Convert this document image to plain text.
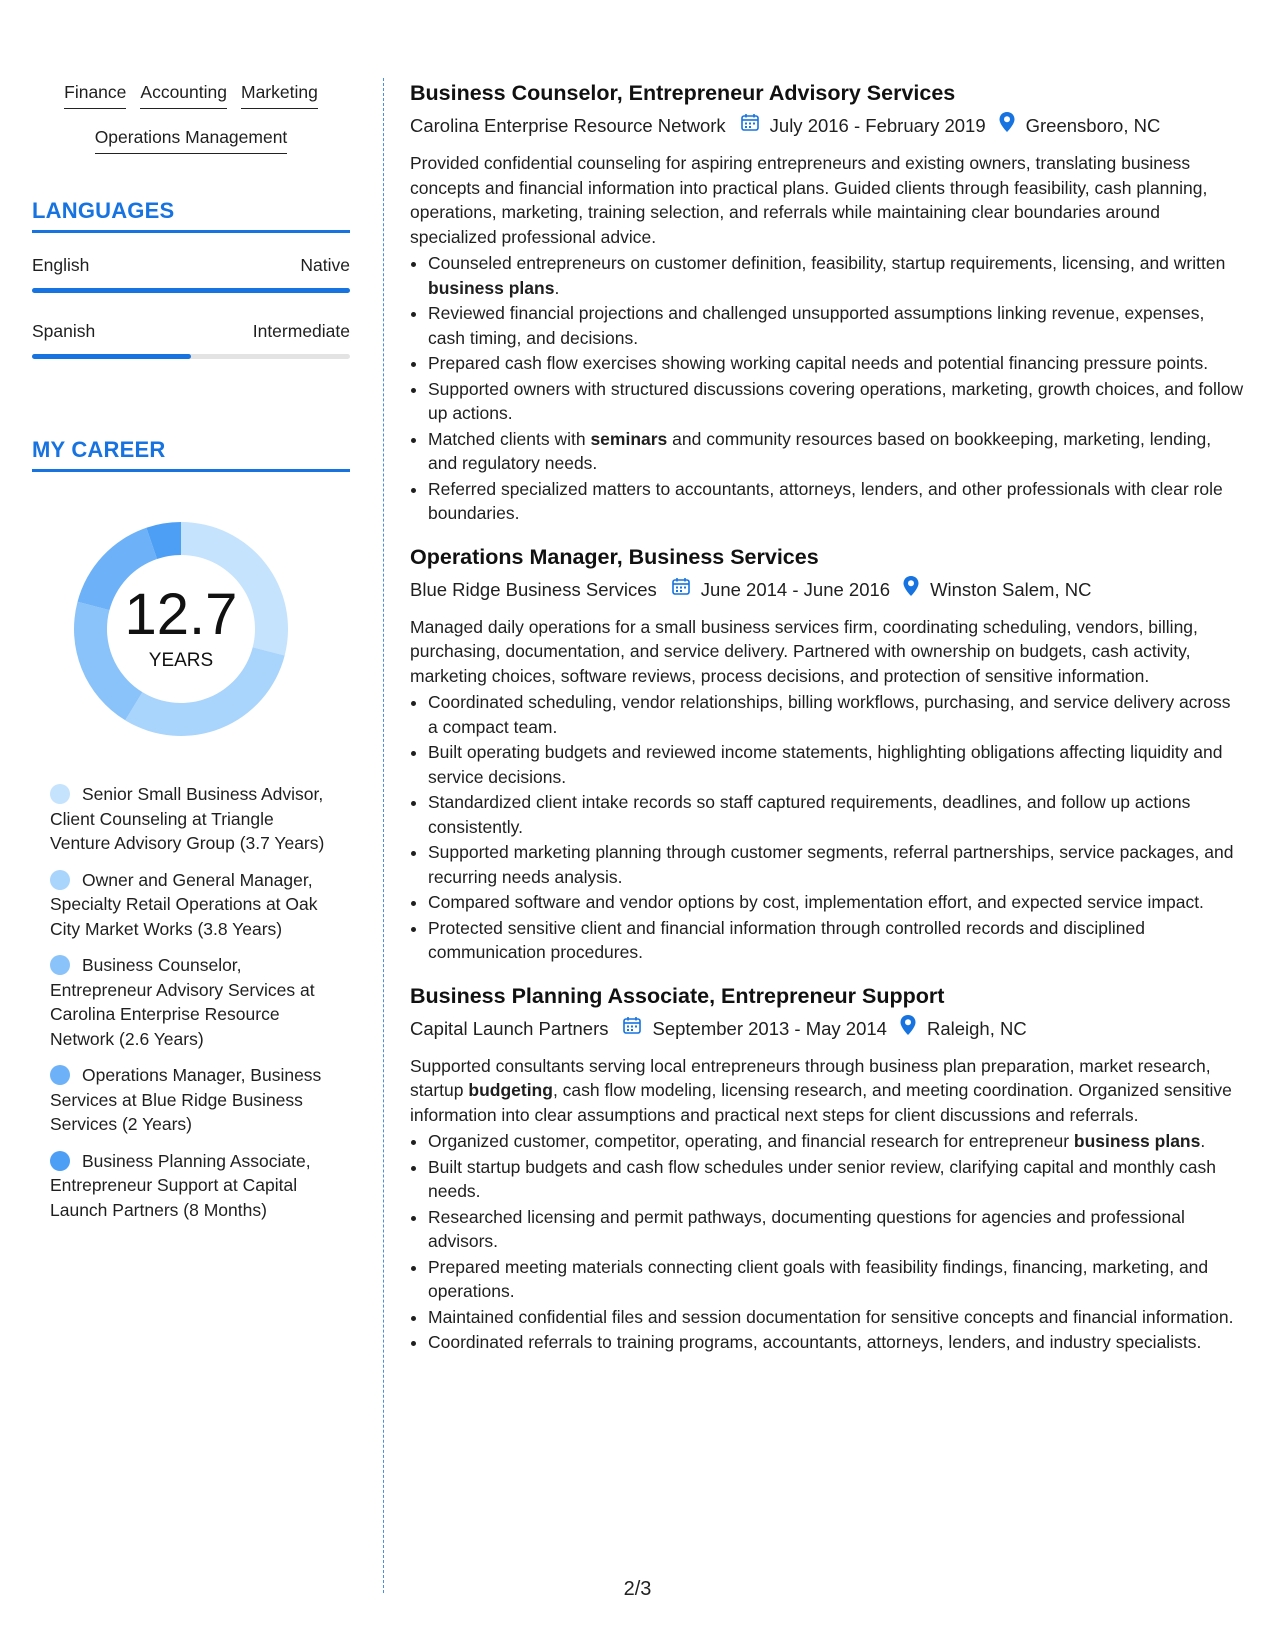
Finance Accounting Marketing
Operations Management
LANGUAGES
English	Native
Spanish	Intermediate
MY CAREER
12.7
YEARS
Senior Small Business Advisor, Client Counseling at Triangle Venture Advisory Group (3.7 Years)
Owner and General Manager, Specialty Retail Operations at Oak City Market Works (3.8 Years)
Business Counselor, Entrepreneur Advisory Services at Carolina Enterprise Resource Network (2.6 Years)
Operations Manager, Business Services at Blue Ridge Business Services (2 Years)
Business Planning Associate, Entrepreneur Support at Capital Launch Partners (8 Months)
Business Counselor, Entrepreneur Advisory Services
Carolina Enterprise Resource Network July 2016 - February 2019 Greensboro, NC

Provided confidential counseling for aspiring entrepreneurs and existing owners, translating business concepts and financial information into practical plans. Guided clients through feasibility, cash planning, operations, marketing, training selection, and referrals while maintaining clear boundaries around specialized professional advice.

• Counseled entrepreneurs on customer definition, feasibility, startup requirements, licensing, and written business plans.
• Reviewed financial projections and challenged unsupported assumptions linking revenue, expenses, cash timing, and decisions.
• Prepared cash flow exercises showing working capital needs and potential financing pressure points.
• Supported owners with structured discussions covering operations, marketing, growth choices, and follow up actions.
• Matched clients with seminars and community resources based on bookkeeping, marketing, lending, and regulatory needs.
• Referred specialized matters to accountants, attorneys, lenders, and other professionals with clear role boundaries.
Operations Manager, Business Services
Blue Ridge Business Services June 2014 - June 2016 Winston Salem, NC

Managed daily operations for a small business services firm, coordinating scheduling, vendors, billing, purchasing, documentation, and service delivery. Partnered with ownership on budgets, cash activity, marketing choices, software reviews, process decisions, and protection of sensitive information.

• Coordinated scheduling, vendor relationships, billing workflows, purchasing, and service delivery across a compact team.
• Built operating budgets and reviewed income statements, highlighting obligations affecting liquidity and service decisions.
• Standardized client intake records so staff captured requirements, deadlines, and follow up actions consistently.
• Supported marketing planning through customer segments, referral partnerships, service packages, and recurring needs analysis.
• Compared software and vendor options by cost, implementation effort, and expected service impact.
• Protected sensitive client and financial information through controlled records and disciplined communication procedures.
Business Planning Associate, Entrepreneur Support
Capital Launch Partners September 2013 - May 2014 Raleigh, NC

Supported consultants serving local entrepreneurs through business plan preparation, market research, startup budgeting, cash flow modeling, licensing research, and meeting coordination. Organized sensitive information into clear assumptions and practical next steps for client discussions and referrals.

• Organized customer, competitor, operating, and financial research for entrepreneur business plans.
• Built startup budgets and cash flow schedules under senior review, clarifying capital and monthly cash needs.
• Researched licensing and permit pathways, documenting questions for agencies and professional advisors.
• Prepared meeting materials connecting client goals with feasibility findings, financing, marketing, and operations.
• Maintained confidential files and session documentation for sensitive concepts and financial information.
• Coordinated referrals to training programs, accountants, attorneys, lenders, and industry specialists.
2/3
